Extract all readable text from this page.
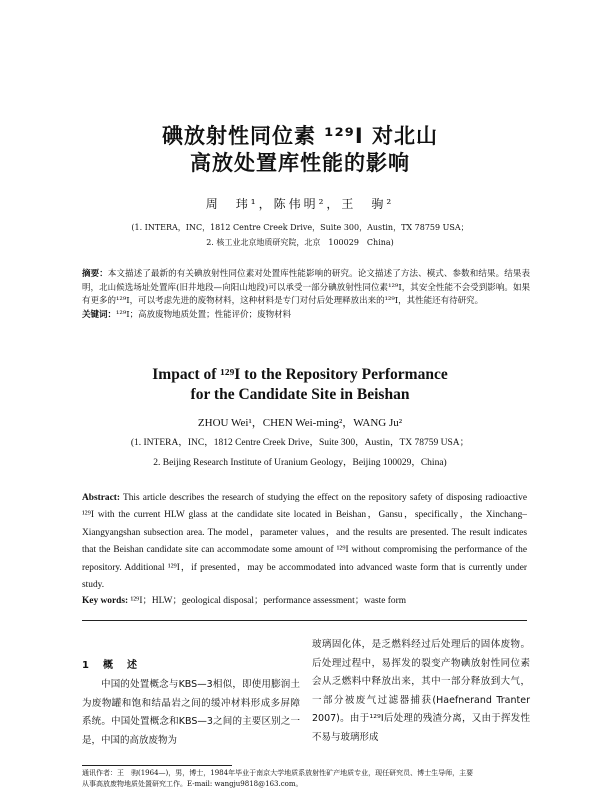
碘放射性同位素 ¹²⁹I 对北山
高放处置库性能的影响
周　玮¹，陈伟明²，王　驹²
(1. INTERA，INC，1812 Centre Creek Drive，Suite 300，Austin，TX 78759 USA；
2. 核工业北京地质研究院，北京　100029　China)
摘要：本文描述了最新的有关碘放射性同位素对处置库性能影响的研究。论文描述了方法、模式、参数和结果。结果表明，北山候选场址处置库(旧井地段—向阳山地段)可以承受一部分碘放射性同位素¹²⁹I，其安全性能不会受到影响。如果有更多的¹²⁹I，可以考虑先进的废物材料，这种材料是专门对付后处理释放出来的¹²⁹I，其性能还有待研究。
关键词：¹²⁹I；高放废物地质处置；性能评价；废物材料
Impact of ¹²⁹I to the Repository Performance
for the Candidate Site in Beishan
ZHOU Wei¹，CHEN Wei-ming²，WANG Ju²
(1. INTERA，INC，1812 Centre Creek Drive，Suite 300，Austin，TX 78759 USA；
2. Beijing Research Institute of Uranium Geology，Beijing 100029，China)
Abstract: This article describes the research of studying the effect on the repository safety of disposing radioactive ¹²⁹I with the current HLW glass at the candidate site located in Beishan，Gansu，specifically，the Xinchang–Xiangyangshan subsection area. The model，parameter values，and the results are presented. The result indicates that the Beishan candidate site can accommodate some amount of ¹²⁹I without compromising the performance of the repository. Additional ¹²⁹I，if presented，may be accommodated into advanced waste form that is currently under study.
Key words: ¹²⁹I；HLW；geological disposal；performance assessment；waste form
1　概　述
中国的处置概念与KBS—3相似，即使用膨润土为废物罐和饱和结晶岩之间的缓冲材料形成多屏障系统。中国处置概念和KBS—3之间的主要区别之一是，中国的高放废物为
玻璃固化体，是乏燃料经过后处理后的固体废物。后处理过程中，易挥发的裂变产物碘放射性同位素会从乏燃料中释放出来，其中一部分释放到大气，一部分被废气过滤器捕获(Haefnerand Tranter 2007)。由于¹²⁹I后处理的残渣分离，又由于挥发性不易与玻璃形成
通讯作者：王　驹(1964—)，男，博士，1984年毕业于南京大学地质系放射性矿产地质专业，现任研究员、博士生导师，主要
从事高放废物地质处置研究工作。E-mail: wangju9818@163.com。
